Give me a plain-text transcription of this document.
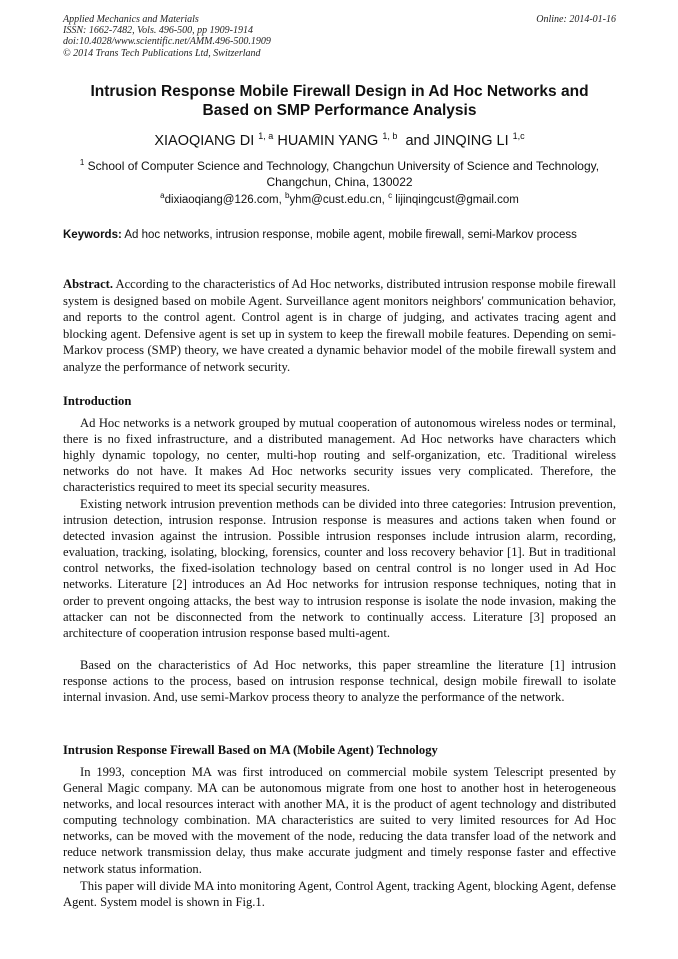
Applied Mechanics and Materials
ISSN: 1662-7482, Vols. 496-500, pp 1909-1914
doi:10.4028/www.scientific.net/AMM.496-500.1909
© 2014 Trans Tech Publications Ltd, Switzerland
Online: 2014-01-16
Intrusion Response Mobile Firewall Design in Ad Hoc Networks and
Based on SMP Performance Analysis
XIAOQIANG DI $^{1, a}$ HUAMIN YANG $^{1, b}$ and JINQING LI $^{1,c}$
$^1$ School of Computer Science and Technology, Changchun University of Science and Technology, Changchun, China, 130022
$^a$dixiaoqiang@126.com, $^b$yhm@cust.edu.cn, $^c$ lijinqingcust@gmail.com
Keywords: Ad hoc networks, intrusion response, mobile agent, mobile firewall, semi-Markov process
Abstract. According to the characteristics of Ad Hoc networks, distributed intrusion response mobile firewall system is designed based on mobile Agent. Surveillance agent monitors neighbors' communication behavior, and reports to the control agent. Control agent is in charge of judging, and activates tracing agent and blocking agent. Defensive agent is set up in system to keep the firewall mobile features. Depending on semi-Markov process (SMP) theory, we have created a dynamic behavior model of the mobile firewall system and analyze the performance of network security.
Introduction

Ad Hoc networks is a network grouped by mutual cooperation of autonomous wireless nodes or terminal, there is no fixed infrastructure, and a distributed management. Ad Hoc networks have characters which highly dynamic topology, no center, multi-hop routing and self-organization, etc. Traditional wireless networks do not have. It makes Ad Hoc networks security issues very complicated. Therefore, the characteristics required to meet its special security measures.

Existing network intrusion prevention methods can be divided into three categories: Intrusion prevention, intrusion detection, intrusion response. Intrusion response is measures and actions taken when found or detected invasion against the intrusion. Possible intrusion responses include intrusion alarm, recording, evaluation, tracking, isolating, blocking, forensics, counter and loss recovery behavior [1]. But in traditional control networks, the fixed-isolation technology based on central control is no longer used in Ad Hoc networks. Literature [2] introduces an Ad Hoc networks for intrusion response techniques, noting that in order to prevent ongoing attacks, the best way to intrusion response is isolate the node invasion, making the attacker can not be disconnected from the network to continually access. Literature [3] proposed an architecture of cooperation intrusion response based multi-agent.

Based on the characteristics of Ad Hoc networks, this paper streamline the literature [1] intrusion response actions to the process, based on intrusion response technical, design mobile firewall to isolate internal invasion. And, use semi-Markov process theory to analyze the performance of the network.

Intrusion Response Firewall Based on MA (Mobile Agent) Technology

In 1993, conception MA was first introduced on commercial mobile system Telescript presented by General Magic company. MA can be autonomous migrate from one host to another host in heterogeneous networks, and local resources interact with another MA, it is the product of agent technology and distributed computing technology combination. MA characteristics are suited to very limited resources for Ad Hoc networks, can be moved with the movement of the node, reducing the data transfer load of the network and reduce network transmission delay, thus make accurate judgment and timely response faster and effective network status information.

This paper will divide MA into monitoring Agent, Control Agent, tracking Agent, blocking Agent, defense Agent. System model is shown in Fig.1.
